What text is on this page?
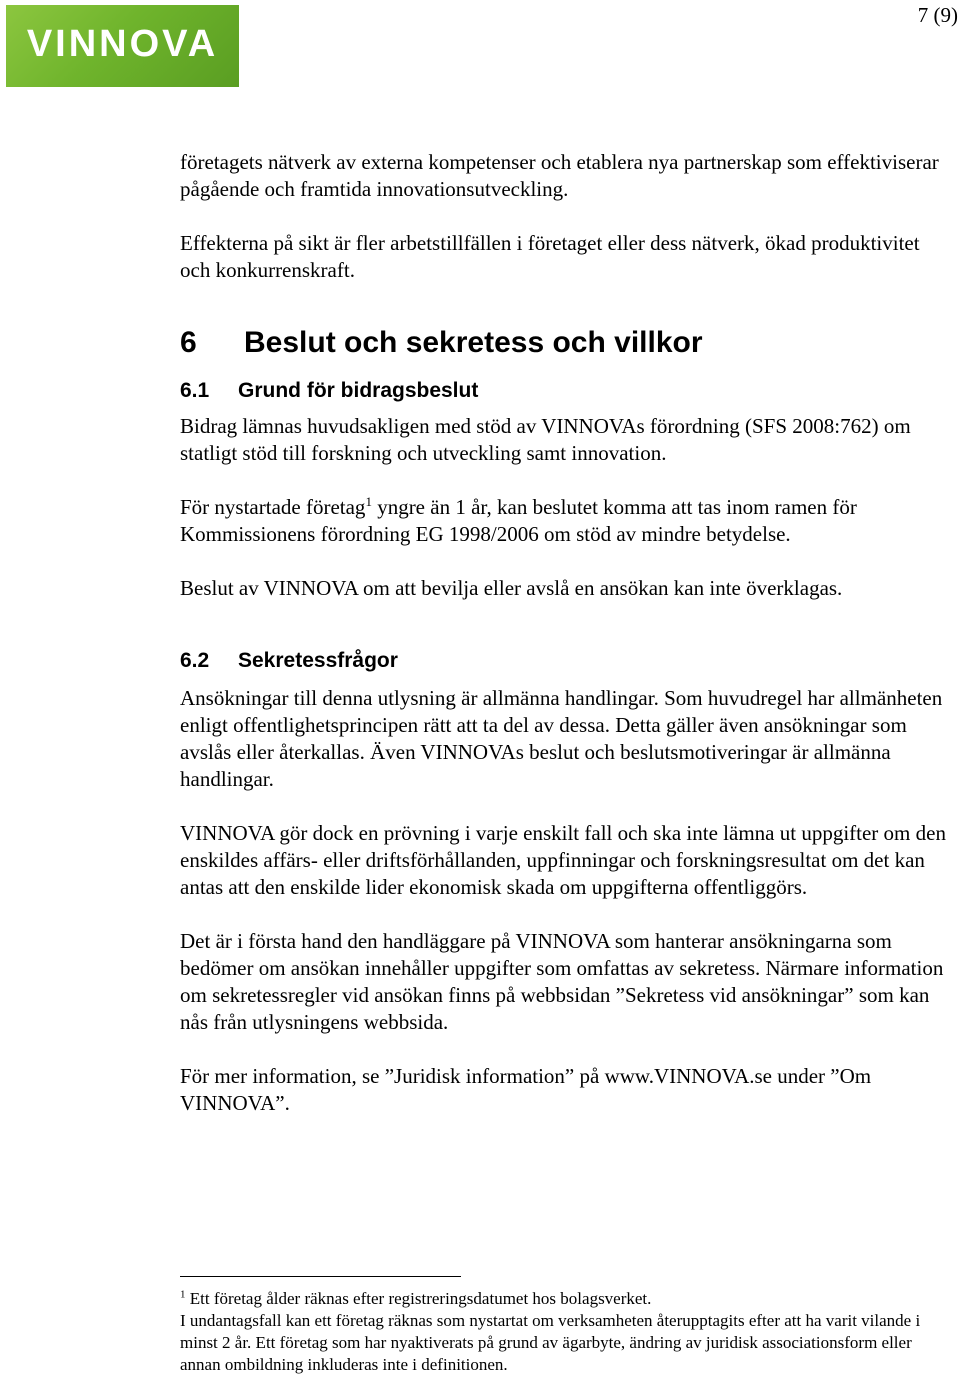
VINNOVA
7 (9)

företagets nätverk av externa kompetenser och etablera nya partnerskap som effektiviserar pågående och framtida innovationsutveckling.

Effekterna på sikt är fler arbetstillfällen i företaget eller dess nätverk, ökad produktivitet och konkurrenskraft.

6 Beslut och sekretess och villkor
6.1 Grund för bidragsbeslut

Bidrag lämnas huvudsakligen med stöd av VINNOVAs förordning (SFS 2008:762) om statligt stöd till forskning och utveckling samt innovation.

För nystartade företag$^1$ yngre än 1 år, kan beslutet komma att tas inom ramen för Kommissionens förordning EG 1998/2006 om stöd av mindre betydelse.

Beslut av VINNOVA om att bevilja eller avslå en ansökan kan inte överklagas.

6.2 Sekretessfrågor

Ansökningar till denna utlysning är allmänna handlingar. Som huvudregel har allmänheten enligt offentlighetsprincipen rätt att ta del av dessa. Detta gäller även ansökningar som avslås eller återkallas. Även VINNOVAs beslut och beslutsmotiveringar är allmänna handlingar.

VINNOVA gör dock en prövning i varje enskilt fall och ska inte lämna ut uppgifter om den enskildes affärs- eller driftsförhållanden, uppfinningar och forskningsresultat om det kan antas att den enskilde lider ekonomisk skada om uppgifterna offentliggörs.

Det är i första hand den handläggare på VINNOVA som hanterar ansökningarna som bedömer om ansökan innehåller uppgifter som omfattas av sekretess. Närmare information om sekretessregler vid ansökan finns på webbsidan ”Sekretess vid ansökningar” som kan nås från utlysningens webbsida.

För mer information, se ”Juridisk information” på www.VINNOVA.se under ”Om VINNOVA”.

$^1$ Ett företag ålder räknas efter registreringsdatumet hos bolagsverket.
I undantagsfall kan ett företag räknas som nystartat om verksamheten återupptagits efter att ha varit vilande i minst 2 år. Ett företag som har nyaktiverats på grund av ägarbyte, ändring av juridisk associationsform eller annan ombildning inkluderas inte i definitionen.
